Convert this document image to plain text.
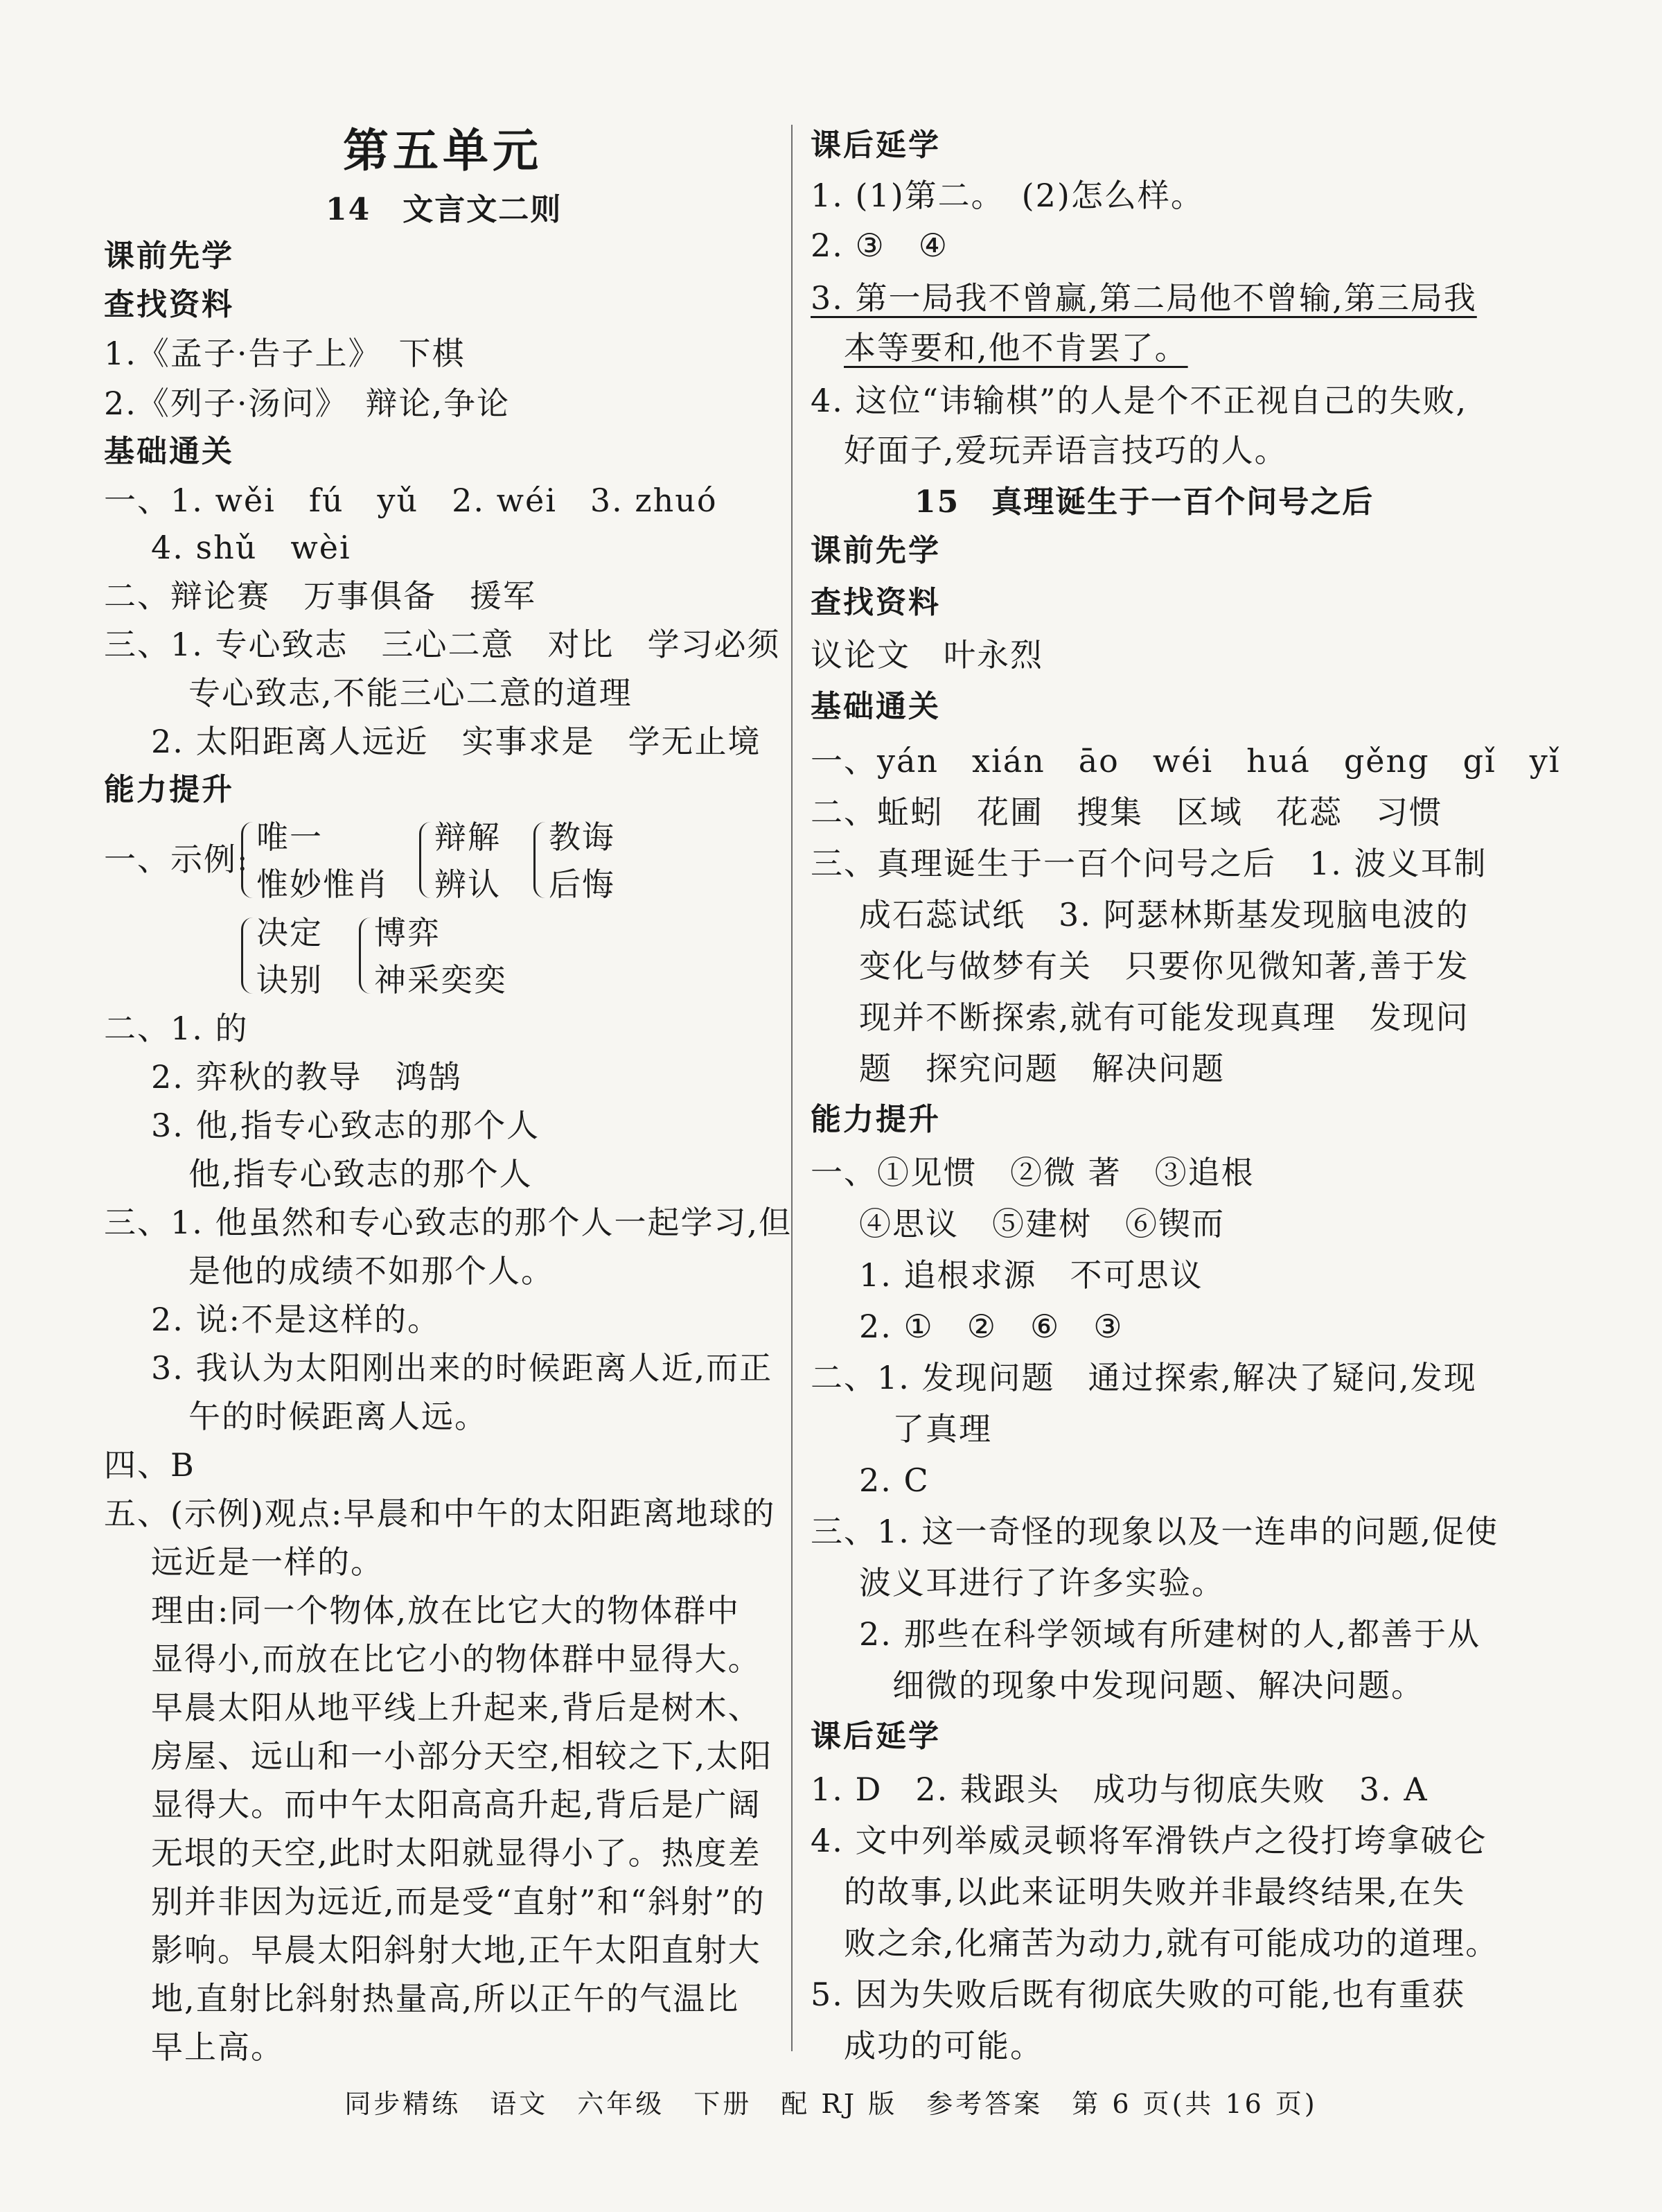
第五单元
14　文言文二则
课前先学
查找资料
1.《孟子·告子上》　下棋
2.《列子·汤问》　辩论,争论
基础通关
一、1. wěi　fú　yǔ　2. wéi　3. zhuó
4. shǔ　wèi
二、辩论赛　万事俱备　援军
三、1. 专心致志　三心二意　对比　学习必须
专心致志,不能三心二意的道理
2. 太阳距离人远近　实事求是　学无止境
能力提升
一、示例:
唯一
惟妙惟肖
辩解
辨认
教诲
后悔
决定
诀别
博弈
神采奕奕
二、1. 的
2. 弈秋的教导　鸿鹄
3. 他,指专心致志的那个人
他,指专心致志的那个人
三、1. 他虽然和专心致志的那个人一起学习,但
是他的成绩不如那个人。
2. 说:不是这样的。
3. 我认为太阳刚出来的时候距离人近,而正
午的时候距离人远。
四、B
五、(示例)观点:早晨和中午的太阳距离地球的
远近是一样的。
理由:同一个物体,放在比它大的物体群中
显得小,而放在比它小的物体群中显得大。
早晨太阳从地平线上升起来,背后是树木、
房屋、远山和一小部分天空,相较之下,太阳
显得大。而中午太阳高高升起,背后是广阔
无垠的天空,此时太阳就显得小了。热度差
别并非因为远近,而是受“直射”和“斜射”的
影响。早晨太阳斜射大地,正午太阳直射大
地,直射比斜射热量高,所以正午的气温比
早上高。
课后延学
1. (1)第二。　(2)怎么样。
2. ③　④
3. 第一局我不曾赢,第二局他不曾输,第三局我
本等要和,他不肯罢了。
4. 这位“讳输棋”的人是个不正视自己的失败,
好面子,爱玩弄语言技巧的人。
15　真理诞生于一百个问号之后
课前先学
查找资料
议论文　叶永烈
基础通关
一、yán　xián　āo　wéi　huá　gěng　gǐ　yǐ
二、蚯蚓　花圃　搜集　区域　花蕊　习惯
三、真理诞生于一百个问号之后　1. 波义耳制
成石蕊试纸　3. 阿瑟林斯基发现脑电波的
变化与做梦有关　只要你见微知著,善于发
现并不断探索,就有可能发现真理　发现问
题　探究问题　解决问题
能力提升
一、①见惯　②微 著　③追根
④思议　⑤建树　⑥锲而
1. 追根求源　不可思议
2. ①　②　⑥　③
二、1. 发现问题　通过探索,解决了疑问,发现
了真理
2. C
三、1. 这一奇怪的现象以及一连串的问题,促使
波义耳进行了许多实验。
2. 那些在科学领域有所建树的人,都善于从
细微的现象中发现问题、解决问题。
课后延学
1. D　2. 栽跟头　成功与彻底失败　3. A
4. 文中列举威灵顿将军滑铁卢之役打垮拿破仑
的故事,以此来证明失败并非最终结果,在失
败之余,化痛苦为动力,就有可能成功的道理。
5. 因为失败后既有彻底失败的可能,也有重获
成功的可能。
同步精练　语文　六年级　下册　配 RJ 版　参考答案　第 6 页(共 16 页)
